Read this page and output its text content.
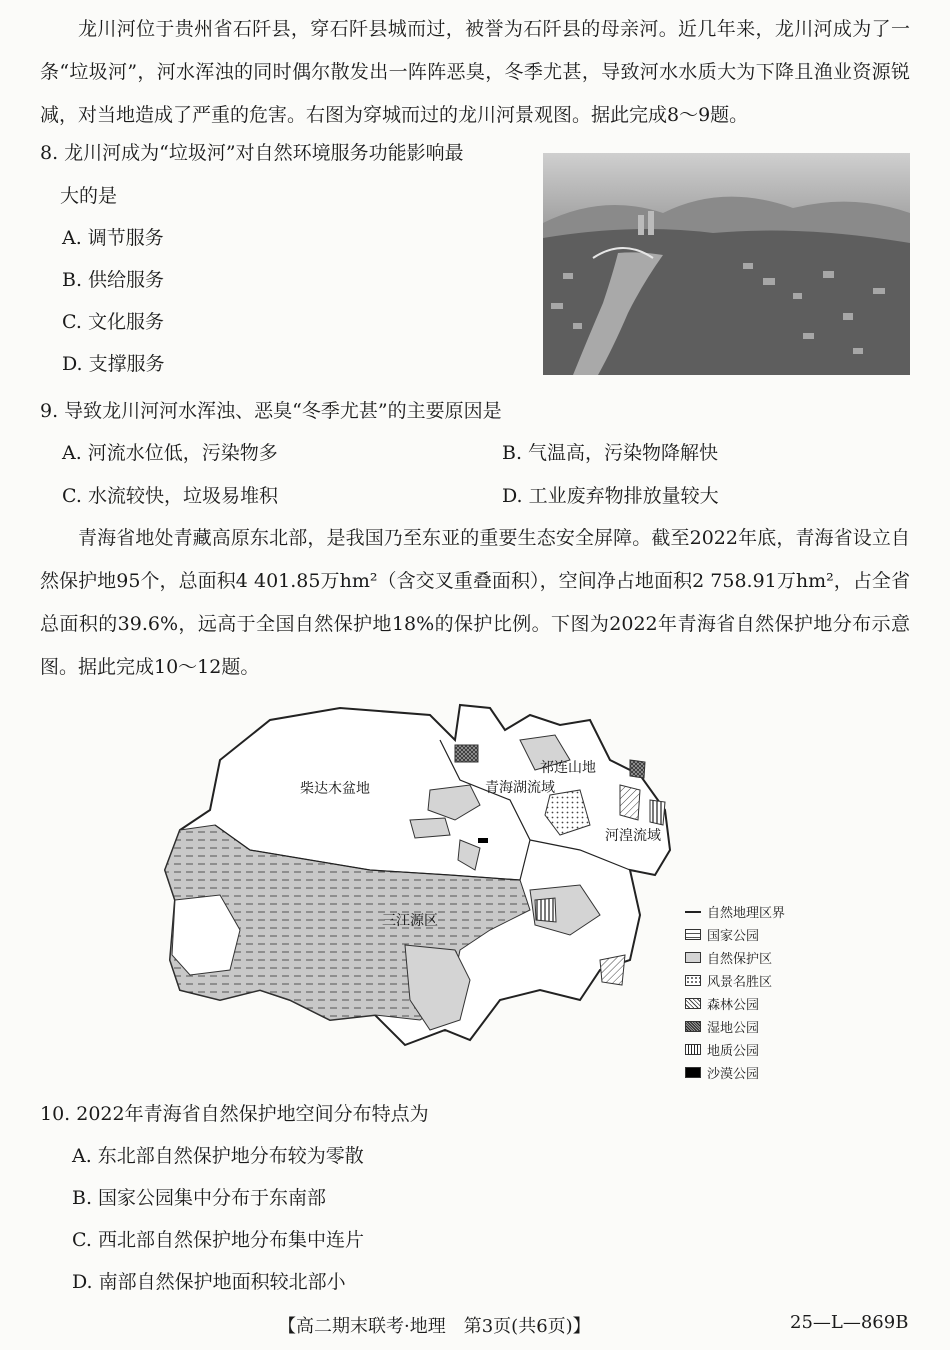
龙川河位于贵州省石阡县，穿石阡县城而过，被誉为石阡县的母亲河。近几年来，龙川河成为了一条“垃圾河”，河水浑浊的同时偶尔散发出一阵阵恶臭，冬季尤甚，导致河水水质大为下降且渔业资源锐减，对当地造成了严重的危害。右图为穿城而过的龙川河景观图。据此完成8～9题。
8. 龙川河成为“垃圾河”对自然环境服务功能影响最
大的是
A. 调节服务
B. 供给服务
C. 文化服务
D. 支撑服务
9. 导致龙川河河水浑浊、恶臭“冬季尤甚”的主要原因是
A. 河流水位低，污染物多	B. 气温高，污染物降解快
C. 水流较快，垃圾易堆积	D. 工业废弃物排放量较大
青海省地处青藏高原东北部，是我国乃至东亚的重要生态安全屏障。截至2022年底，青海省设立自然保护地95个，总面积4 401.85万hm²（含交叉重叠面积），空间净占地面积2 758.91万hm²，占全省总面积的39.6%，远高于全国自然保护地18%的保护比例。下图为2022年青海省自然保护地分布示意图。据此完成10～12题。
柴达木盆地
祁连山地
青海湖流域
河湟流域
三江源区	自然地理区界
国家公园
自然保护区
风景名胜区
森林公园
湿地公园
地质公园
沙漠公园
10. 2022年青海省自然保护地空间分布特点为
A. 东北部自然保护地分布较为零散
B. 国家公园集中分布于东南部
C. 西北部自然保护地分布集中连片
D. 南部自然保护地面积较北部小
【高二期末联考·地理　第3页(共6页)】	25—L—869B
